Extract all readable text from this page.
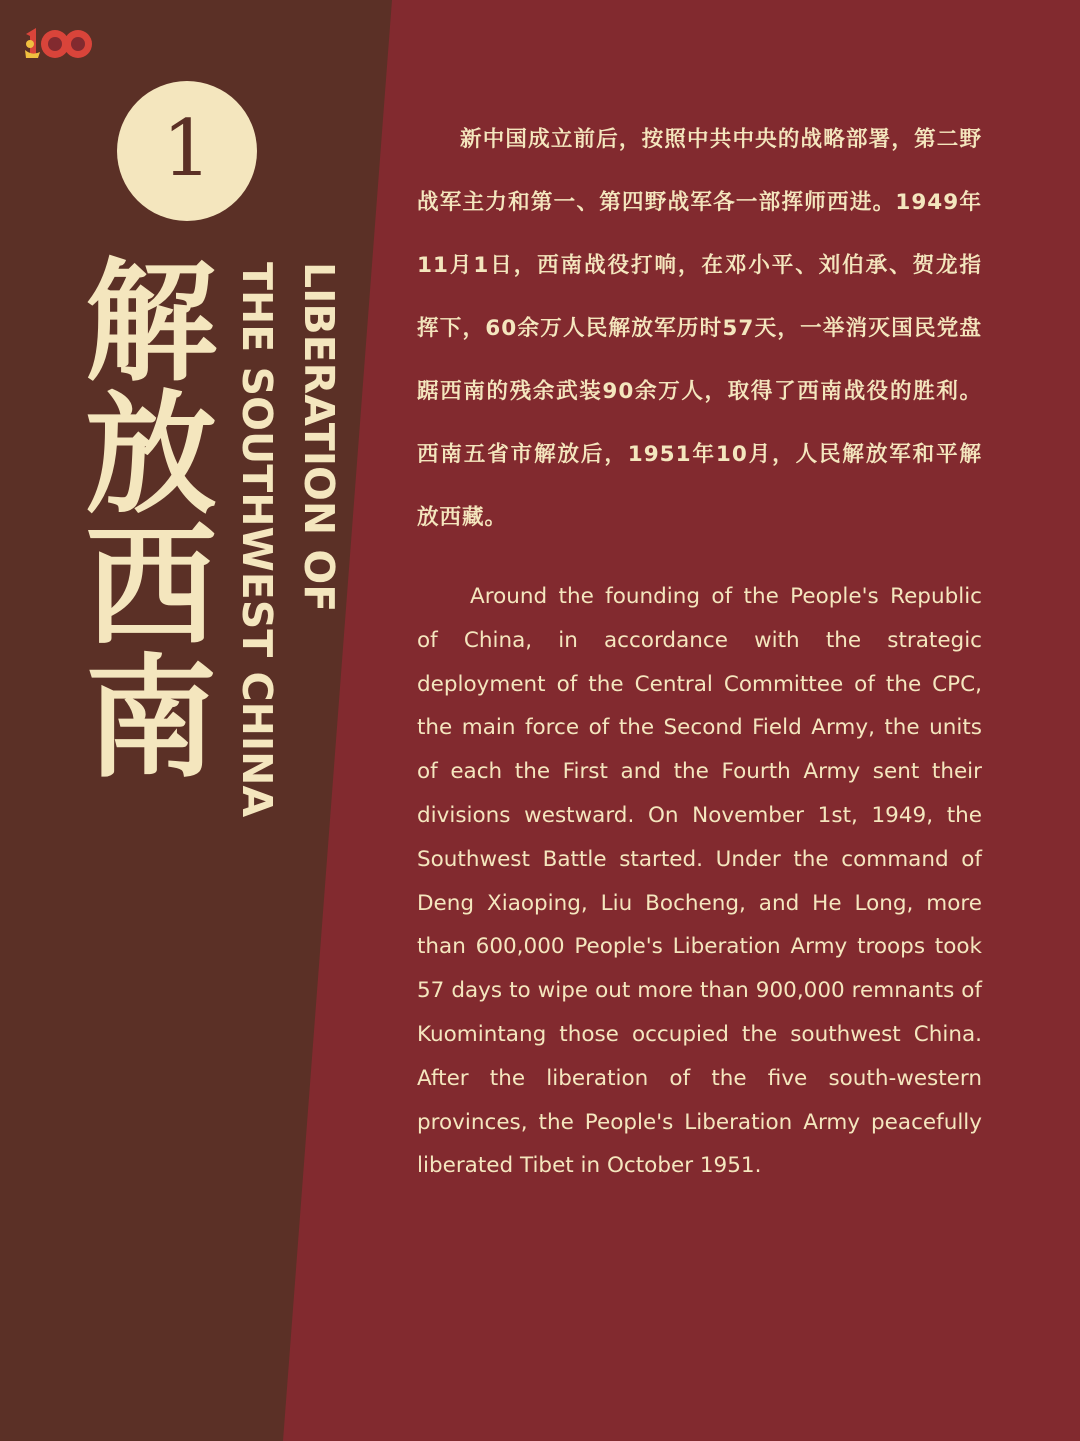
1
解放西南	LIBERATION OF
THE SOUTHWEST CHINA

新中国成立前后，按照中共中央的战略部署，第二野战军主力和第一、第四野战军各一部挥师西进。1949年11月1日，西南战役打响，在邓小平、刘伯承、贺龙指挥下，60余万人民解放军历时57天，一举消灭国民党盘踞西南的残余武装90余万人，取得了西南战役的胜利。西南五省市解放后，1951年10月，人民解放军和平解放西藏。

Around the founding of the People's Republic of China, in accordance with the strategic deployment of the Central Committee of the CPC, the main force of the Second Field Army, the units of each the First and the Fourth Army sent their divisions westward. On November 1st, 1949, the Southwest Battle started. Under the command of Deng Xiaoping, Liu Bocheng, and He Long, more than 600,000 People's Liberation Army troops took 57 days to wipe out more than 900,000 remnants of Kuomintang those occupied the southwest China. After the liberation of the five south-western provinces, the People's Liberation Army peacefully liberated Tibet in October 1951.
